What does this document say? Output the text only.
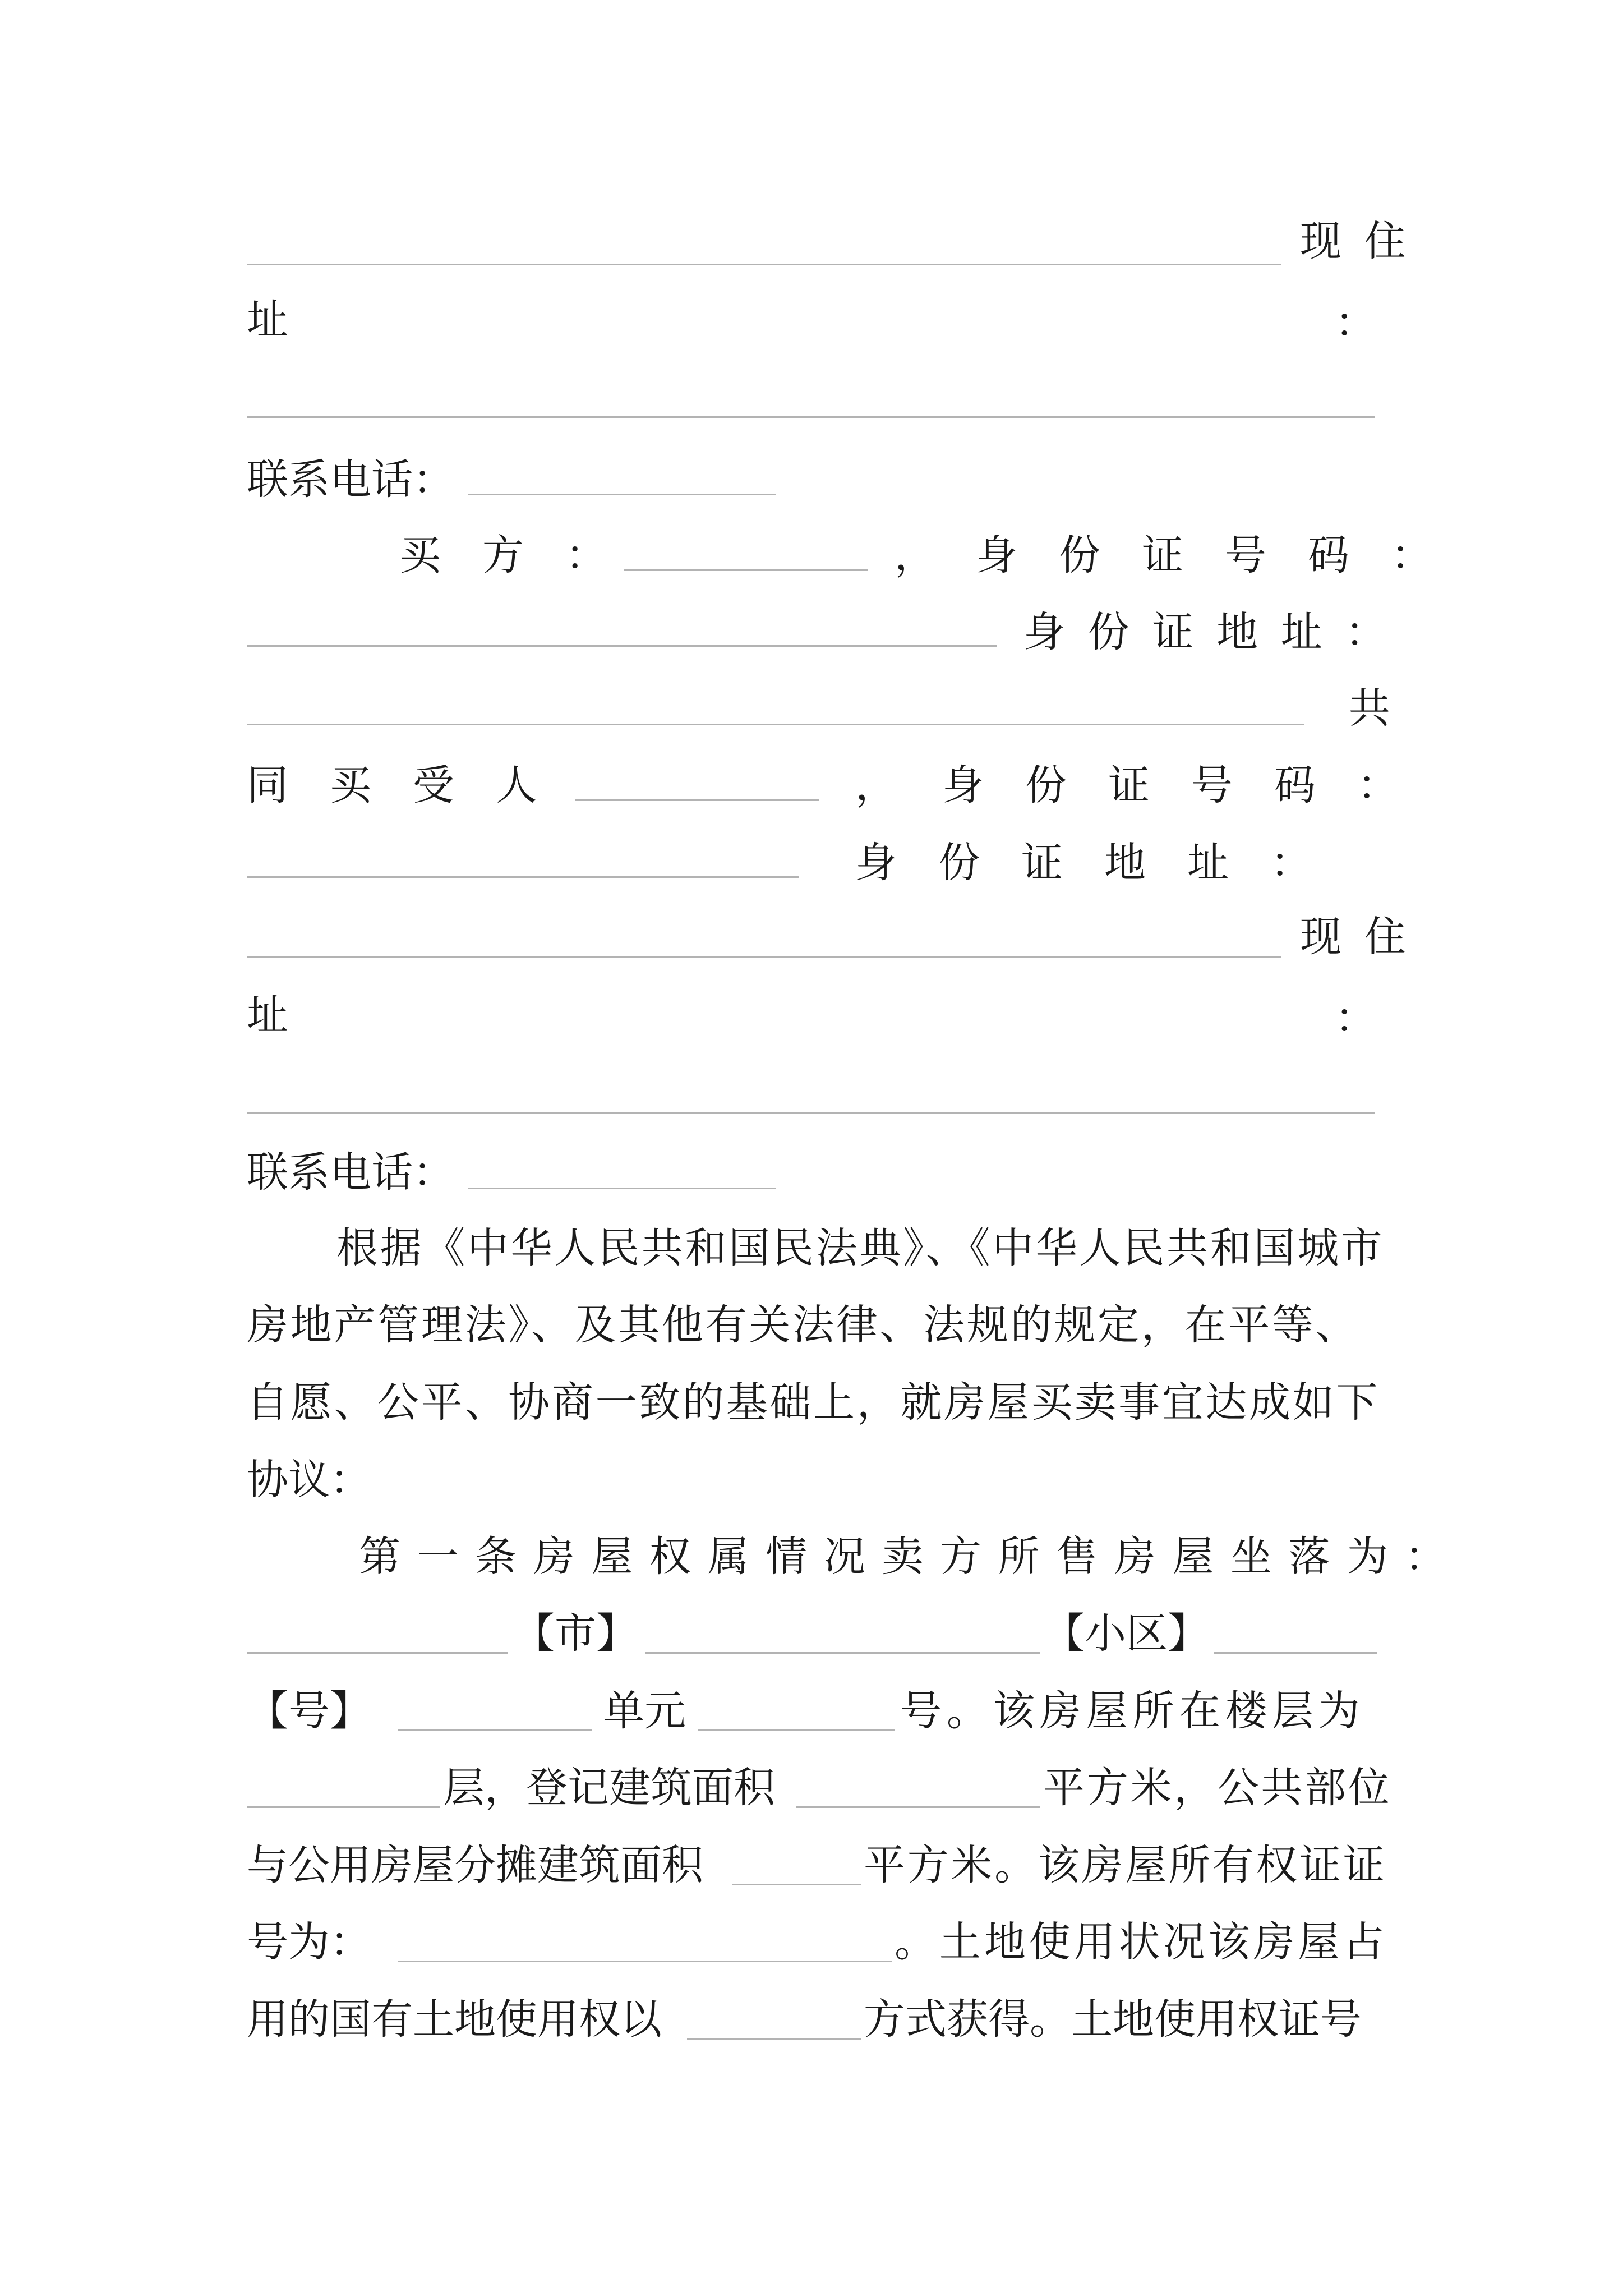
现住
址	：
联系电话：
买方：	， 身份证号码：
身份证地址：
共
同买受人	， 身份证号码：
身份证地址：
现住
址	：
联系电话：
根据《中华人民共和国民法典》、《中华人民共和国城市
房地产管理法》、及其他有关法律、法规的规定，在平等、
自愿、公平、协商一致的基础上，就房屋买卖事宜达成如下
协议：
第一条房屋权属情况卖方所售房屋坐落为：
【市】	【小区】
【号】	单元	号。该房屋所在楼层为
层，登记建筑面积	平方米，公共部位
与公用房屋分摊建筑面积	平方米。该房屋所有权证证
号为：	。土地使用状况该房屋占
用的国有土地使用权以	方式获得。土地使用权证号
